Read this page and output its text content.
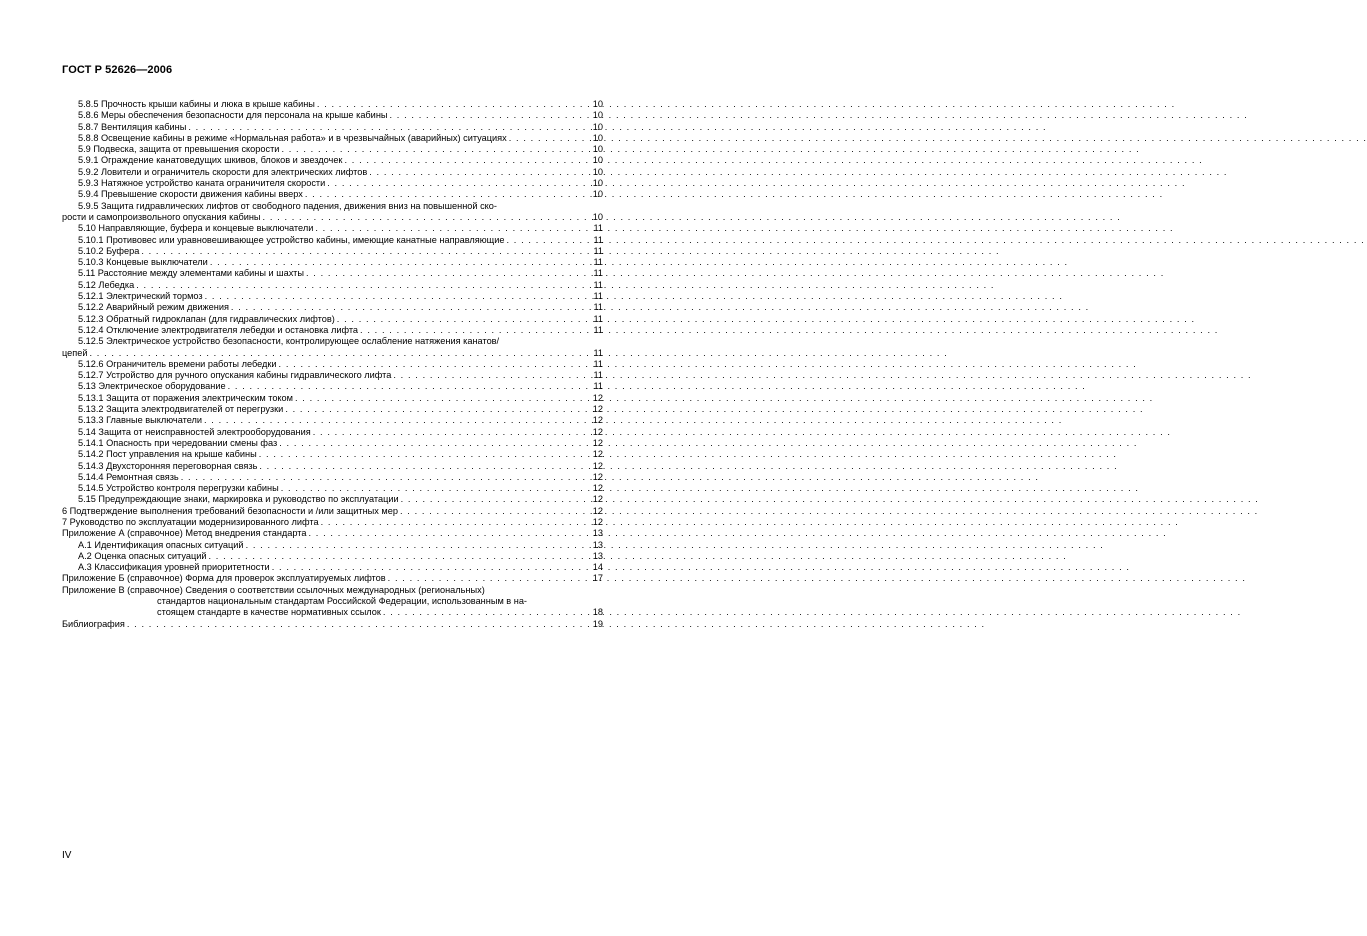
ГОСТ Р 52626—2006
5.8.5 Прочность крыши кабины и люка в крыше кабины . . .	10
5.8.6 Меры обеспечения безопасности для персонала на крыше кабины . . .	10
5.8.7 Вентиляция кабины . . .	10
5.8.8 Освещение кабины в режиме «Нормальная работа» и в чрезвычайных (аварийных) ситуациях . . .	10
5.9 Подвеска, защита от превышения скорости . . .	10
5.9.1 Ограждение канатоведущих шкивов, блоков и звездочек . . .	10
5.9.2 Ловители и ограничитель скорости для электрических лифтов . . .	10
5.9.3 Натяжное устройство каната ограничителя скорости . . .	10
5.9.4 Превышение скорости движения кабины вверх . . .	10
5.9.5 Защита гидравлических лифтов от свободного падения, движения вниз на повышенной ско-
рости и самопроизвольного опускания кабины . . .	10
5.10 Направляющие, буфера и концевые выключатели . . .	11
5.10.1 Противовес или уравновешивающее устройство кабины, имеющие канатные направляющие . . .	11
5.10.2 Буфера . . .	11
5.10.3 Концевые выключатели . . .	11
5.11 Расстояние между элементами кабины и шахты . . .	11
5.12 Лебедка . . .	11
5.12.1 Электрический тормоз . . .	11
5.12.2 Аварийный режим движения . . .	11
5.12.3 Обратный гидроклапан (для гидравлических лифтов) . . .	11
5.12.4 Отключение электродвигателя лебедки и остановка лифта . . .	11
5.12.5 Электрическое устройство безопасности, контролирующее ослабление натяжения канатов/
цепей . . .	11
5.12.6 Ограничитель времени работы лебедки . . .	11
5.12.7 Устройство для ручного опускания кабины гидравлического лифта . . .	11
5.13 Электрическое оборудование . . .	11
5.13.1 Защита от поражения электрическим током . . .	12
5.13.2 Защита электродвигателей от перегрузки . . .	12
5.13.3 Главные выключатели . . .	12
5.14 Защита от неисправностей электрооборудования . . .	12
5.14.1 Опасность при чередовании смены фаз . . .	12
5.14.2 Пост управления на крыше кабины . . .	12
5.14.3 Двухсторонняя переговорная связь . . .	12
5.14.4 Ремонтная связь . . .	12
5.14.5 Устройство контроля перегрузки кабины . . .	12
5.15 Предупреждающие знаки, маркировка и руководство по эксплуатации . . .	12
6 Подтверждение выполнения требований безопасности и /или защитных мер . . .	12
7 Руководство по эксплуатации модернизированного лифта . . .	12
Приложение А (справочное) Метод внедрения стандарта . . .	13
А.1 Идентификация опасных ситуаций . . .	13
А.2 Оценка опасных ситуаций . . .	13
А.3 Классификация уровней приоритетности . . .	14
Приложение Б (справочное) Форма для проверок эксплуатируемых лифтов . . .	17
Приложение В (справочное) Сведения о соответствии ссылочных международных (региональных)
стандартов национальным стандартам Российской Федерации, использованным в на-
стоящем стандарте в качестве нормативных ссылок . . .	18
Библиография . . .	19
IV
